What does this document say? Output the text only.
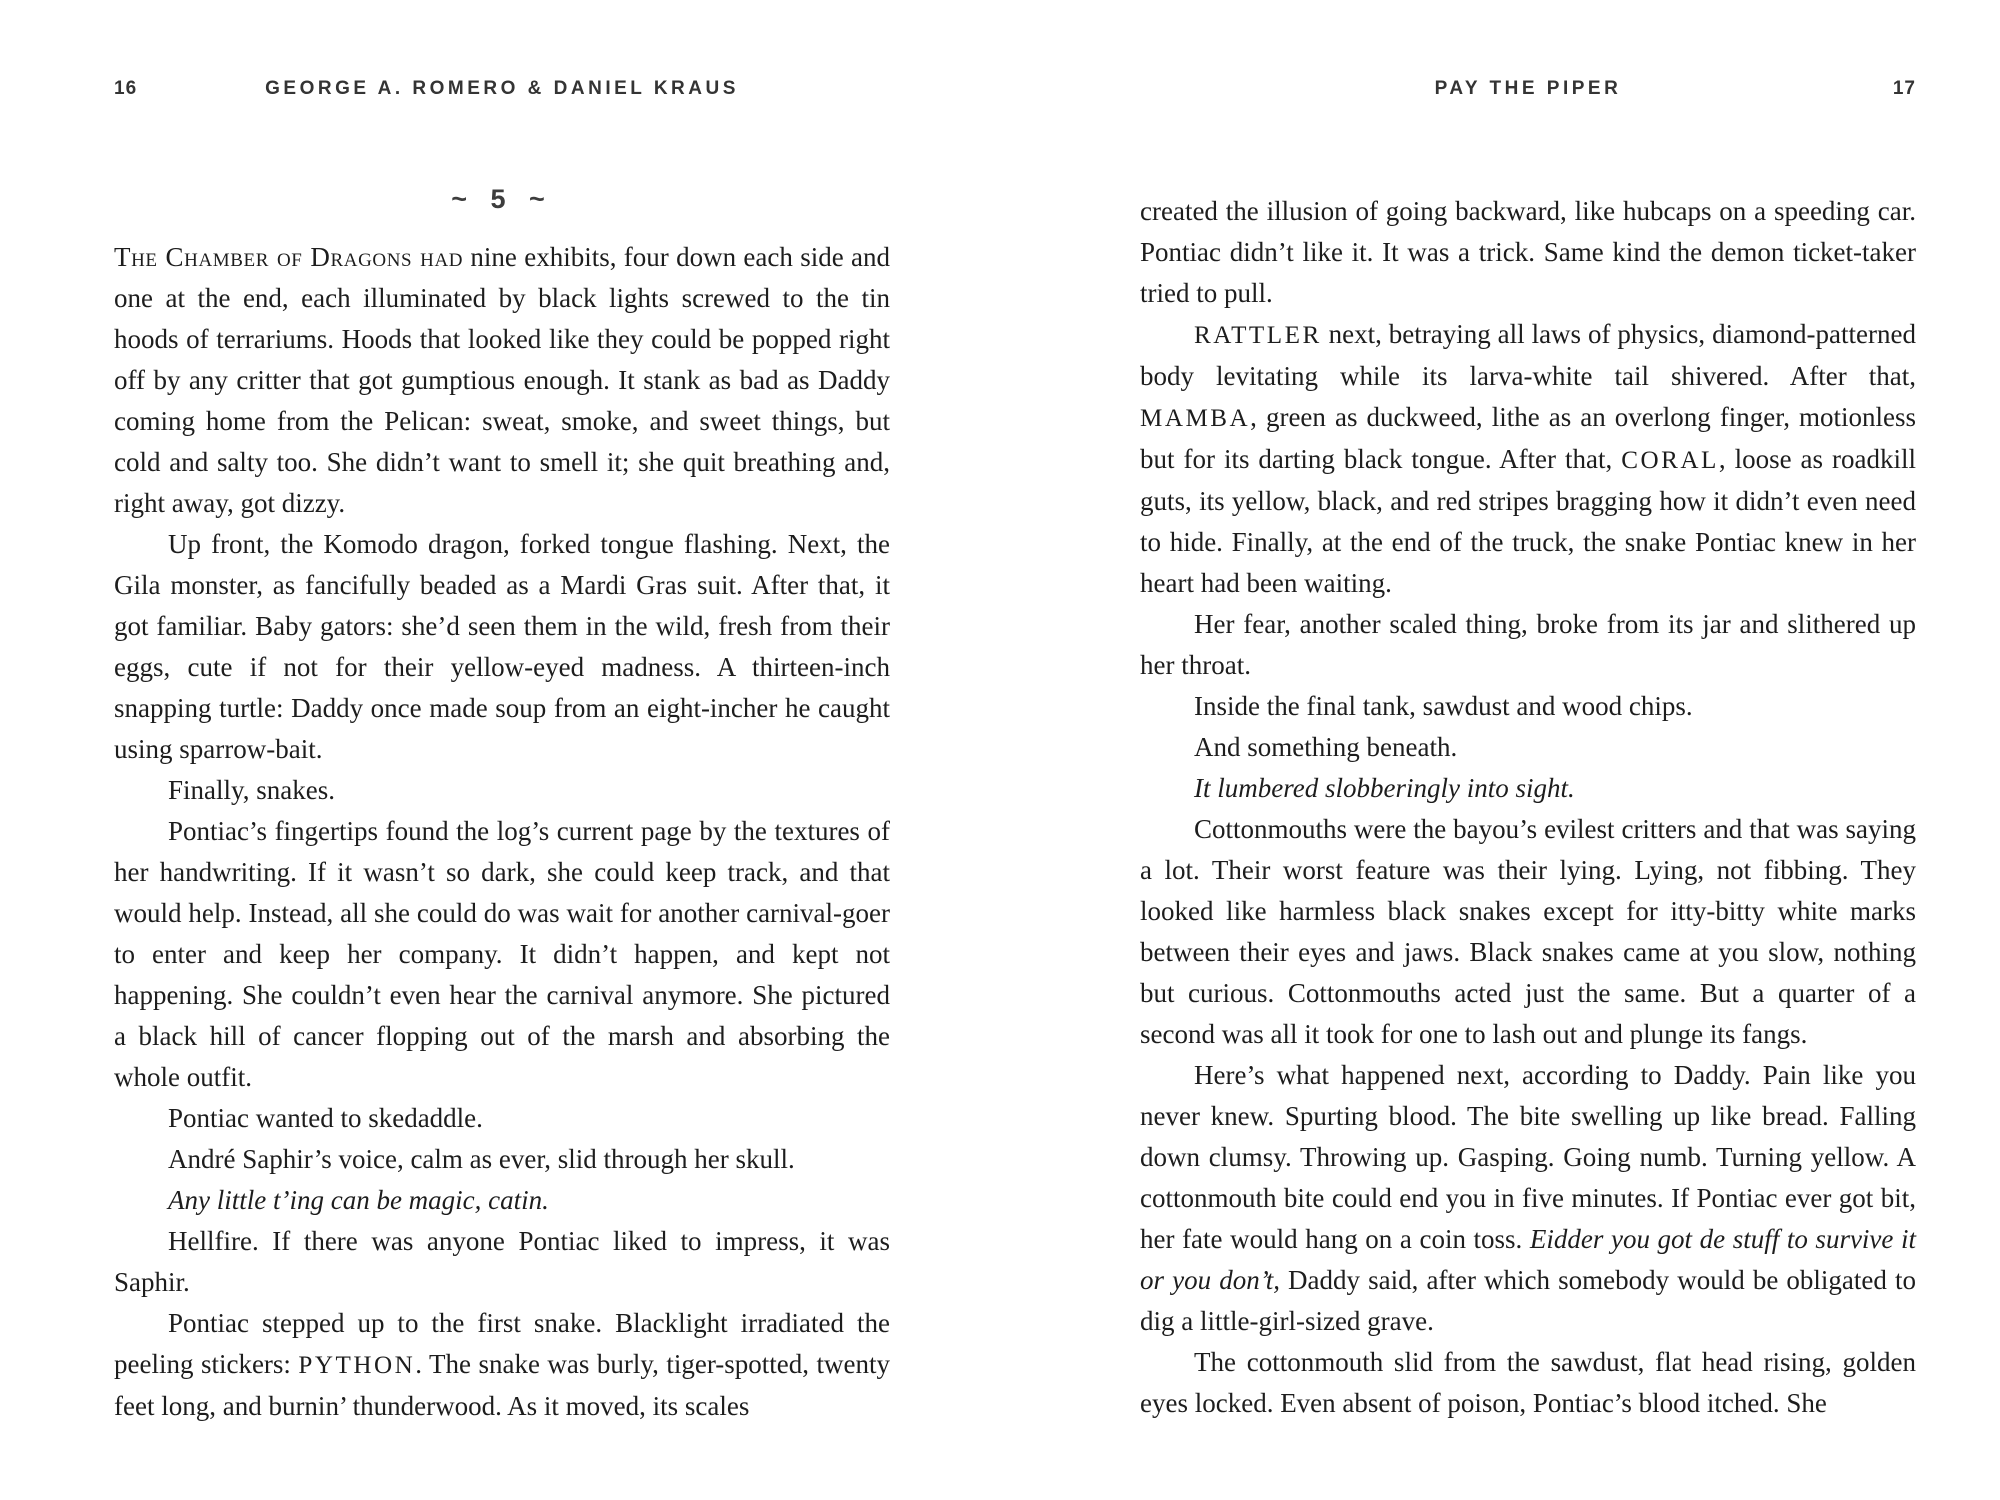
16	GEORGE A. ROMERO & DANIEL KRAUS
~ 5 ~

The Chamber of Dragons had nine exhibits, four down each side and one at the end, each illuminated by black lights screwed to the tin hoods of terrariums. Hoods that looked like they could be popped right off by any critter that got gumptious enough. It stank as bad as Daddy coming home from the Pelican: sweat, smoke, and sweet things, but cold and salty too. She didn’t want to smell it; she quit breathing and, right away, got dizzy.

Up front, the Komodo dragon, forked tongue flashing. Next, the Gila monster, as fancifully beaded as a Mardi Gras suit. After that, it got familiar. Baby gators: she’d seen them in the wild, fresh from their eggs, cute if not for their yellow-eyed madness. A thirteen-inch snapping turtle: Daddy once made soup from an eight-incher he caught using sparrow-bait.

Finally, snakes.

Pontiac’s fingertips found the log’s current page by the textures of her handwriting. If it wasn’t so dark, she could keep track, and that would help. Instead, all she could do was wait for another carnival-goer to enter and keep her company. It didn’t happen, and kept not happening. She couldn’t even hear the carnival anymore. She pictured a black hill of cancer flopping out of the marsh and absorbing the whole outfit.

Pontiac wanted to skedaddle.

André Saphir’s voice, calm as ever, slid through her skull.

Any little t’ing can be magic, catin.

Hellfire. If there was anyone Pontiac liked to impress, it was Saphir.

Pontiac stepped up to the first snake. Blacklight irradiated the peeling stickers: PYTHON. The snake was burly, tiger-spotted, twenty feet long, and burnin’ thunderwood. As it moved, its scales

PAY THE PIPER	17

created the illusion of going backward, like hubcaps on a speeding car. Pontiac didn’t like it. It was a trick. Same kind the demon ticket-taker tried to pull.

RATTLER next, betraying all laws of physics, diamond-patterned body levitating while its larva-white tail shivered. After that, MAMBA, green as duckweed, lithe as an overlong finger, motionless but for its darting black tongue. After that, CORAL, loose as roadkill guts, its yellow, black, and red stripes bragging how it didn’t even need to hide. Finally, at the end of the truck, the snake Pontiac knew in her heart had been waiting.

Her fear, another scaled thing, broke from its jar and slithered up her throat.

Inside the final tank, sawdust and wood chips.

And something beneath.

It lumbered slobberingly into sight.

Cottonmouths were the bayou’s evilest critters and that was saying a lot. Their worst feature was their lying. Lying, not fibbing. They looked like harmless black snakes except for itty-bitty white marks between their eyes and jaws. Black snakes came at you slow, nothing but curious. Cottonmouths acted just the same. But a quarter of a second was all it took for one to lash out and plunge its fangs.

Here’s what happened next, according to Daddy. Pain like you never knew. Spurting blood. The bite swelling up like bread. Falling down clumsy. Throwing up. Gasping. Going numb. Turning yellow. A cottonmouth bite could end you in five minutes. If Pontiac ever got bit, her fate would hang on a coin toss. Eidder you got de stuff to survive it or you don’t, Daddy said, after which somebody would be obligated to dig a little-girl-sized grave.

The cottonmouth slid from the sawdust, flat head rising, golden eyes locked. Even absent of poison, Pontiac’s blood itched. She
